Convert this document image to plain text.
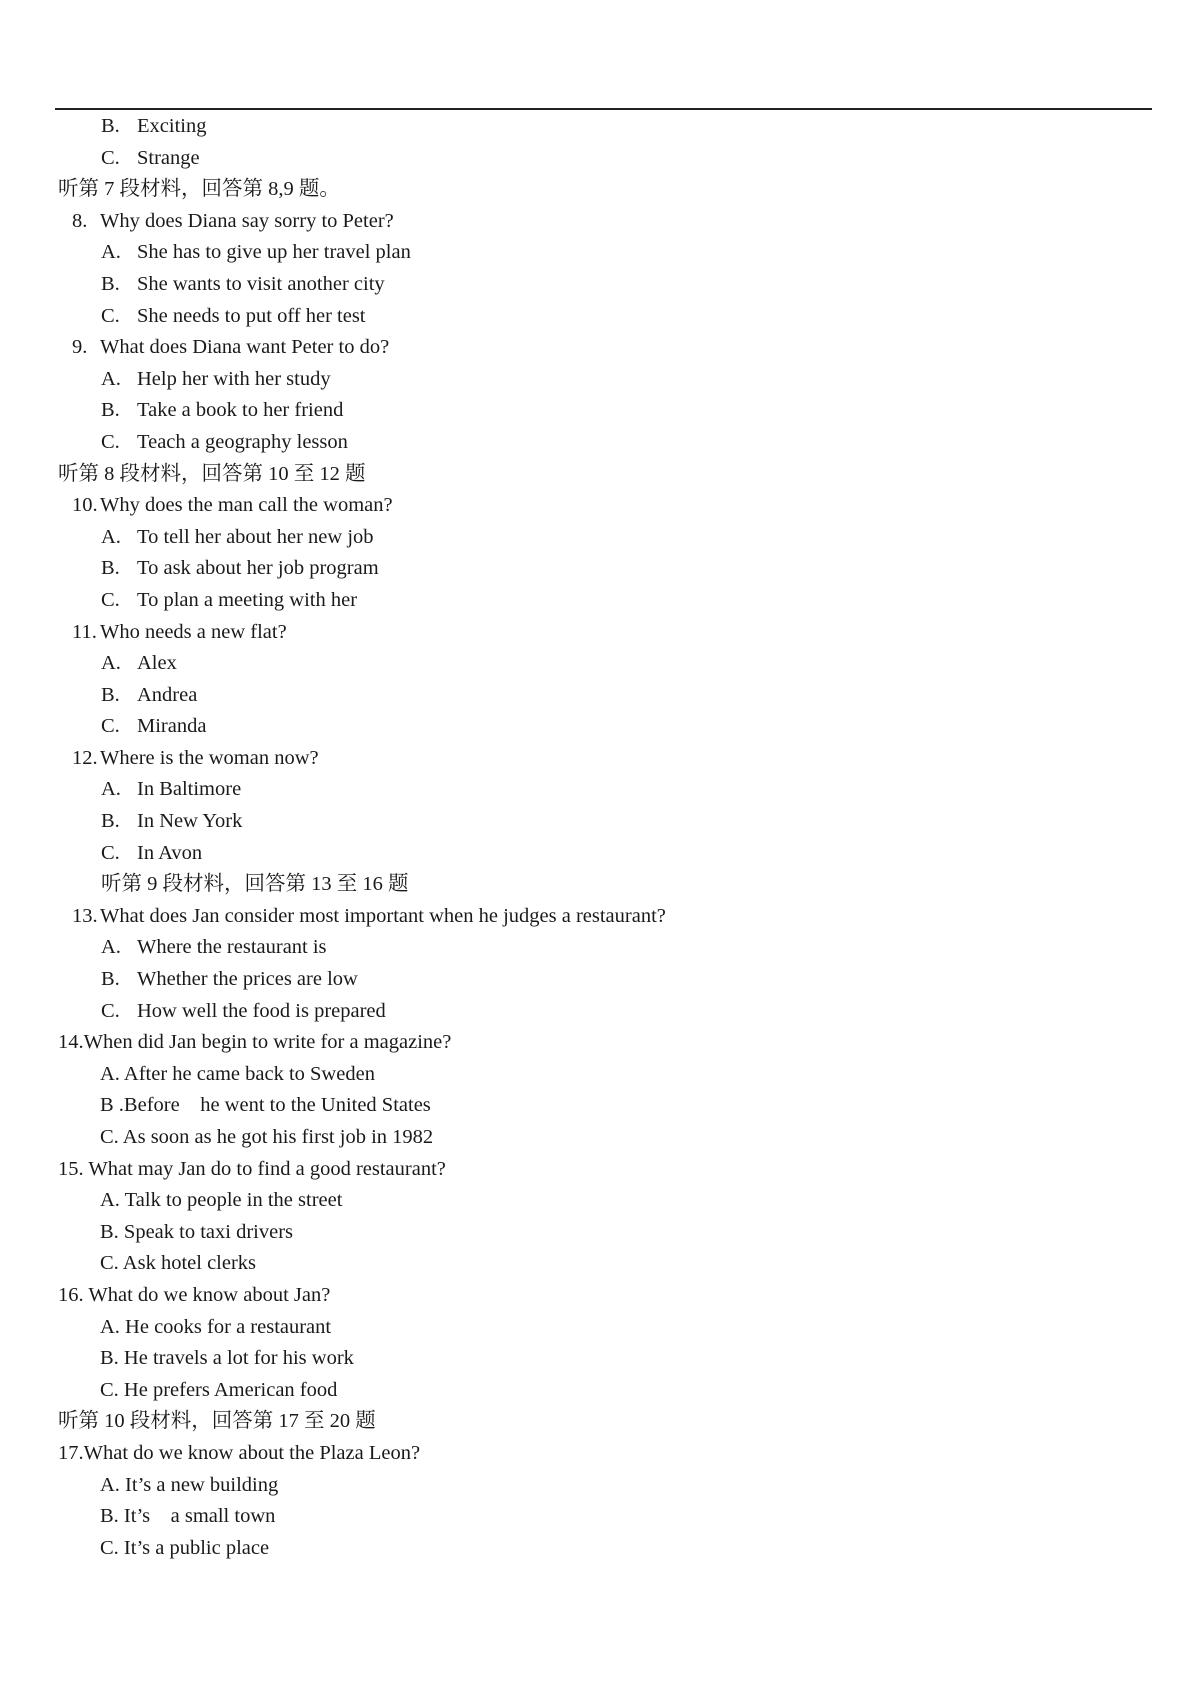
B. Exciting
C. Strange
听第 7 段材料，回答第 8,9 题。
8. Why does Diana say sorry to Peter?
A. She has to give up her travel plan
B. She wants to visit another city
C. She needs to put off her test
9. What does Diana want Peter to do?
A. Help her with her study
B. Take a book to her friend
C. Teach a geography lesson
听第 8 段材料，回答第 10 至 12 题
10. Why does the man call the woman?
A. To tell her about her new job
B. To ask about her job program
C. To plan a meeting with her
11. Who needs a new flat?
A. Alex
B. Andrea
C. Miranda
12. Where is the woman now?
A. In Baltimore
B. In New York
C. In Avon
听第 9 段材料，回答第 13 至 16 题
13. What does Jan consider most important when he judges a restaurant?
A. Where the restaurant is
B. Whether the prices are low
C. How well the food is prepared
14.When did Jan begin to write for a magazine?
A. After he came back to Sweden
B .Before    he went to the United States
C. As soon as he got his first job in 1982
15. What may Jan do to find a good restaurant?
A. Talk to people in the street
B. Speak to taxi drivers
C. Ask hotel clerks
16. What do we know about Jan?
A. He cooks for a restaurant
B. He travels a lot for his work
C. He prefers American food
听第 10 段材料，回答第 17 至 20 题
17.What do we know about the Plaza Leon?
A. It’s a new building
B. It’s    a small town
C. It’s a public place
